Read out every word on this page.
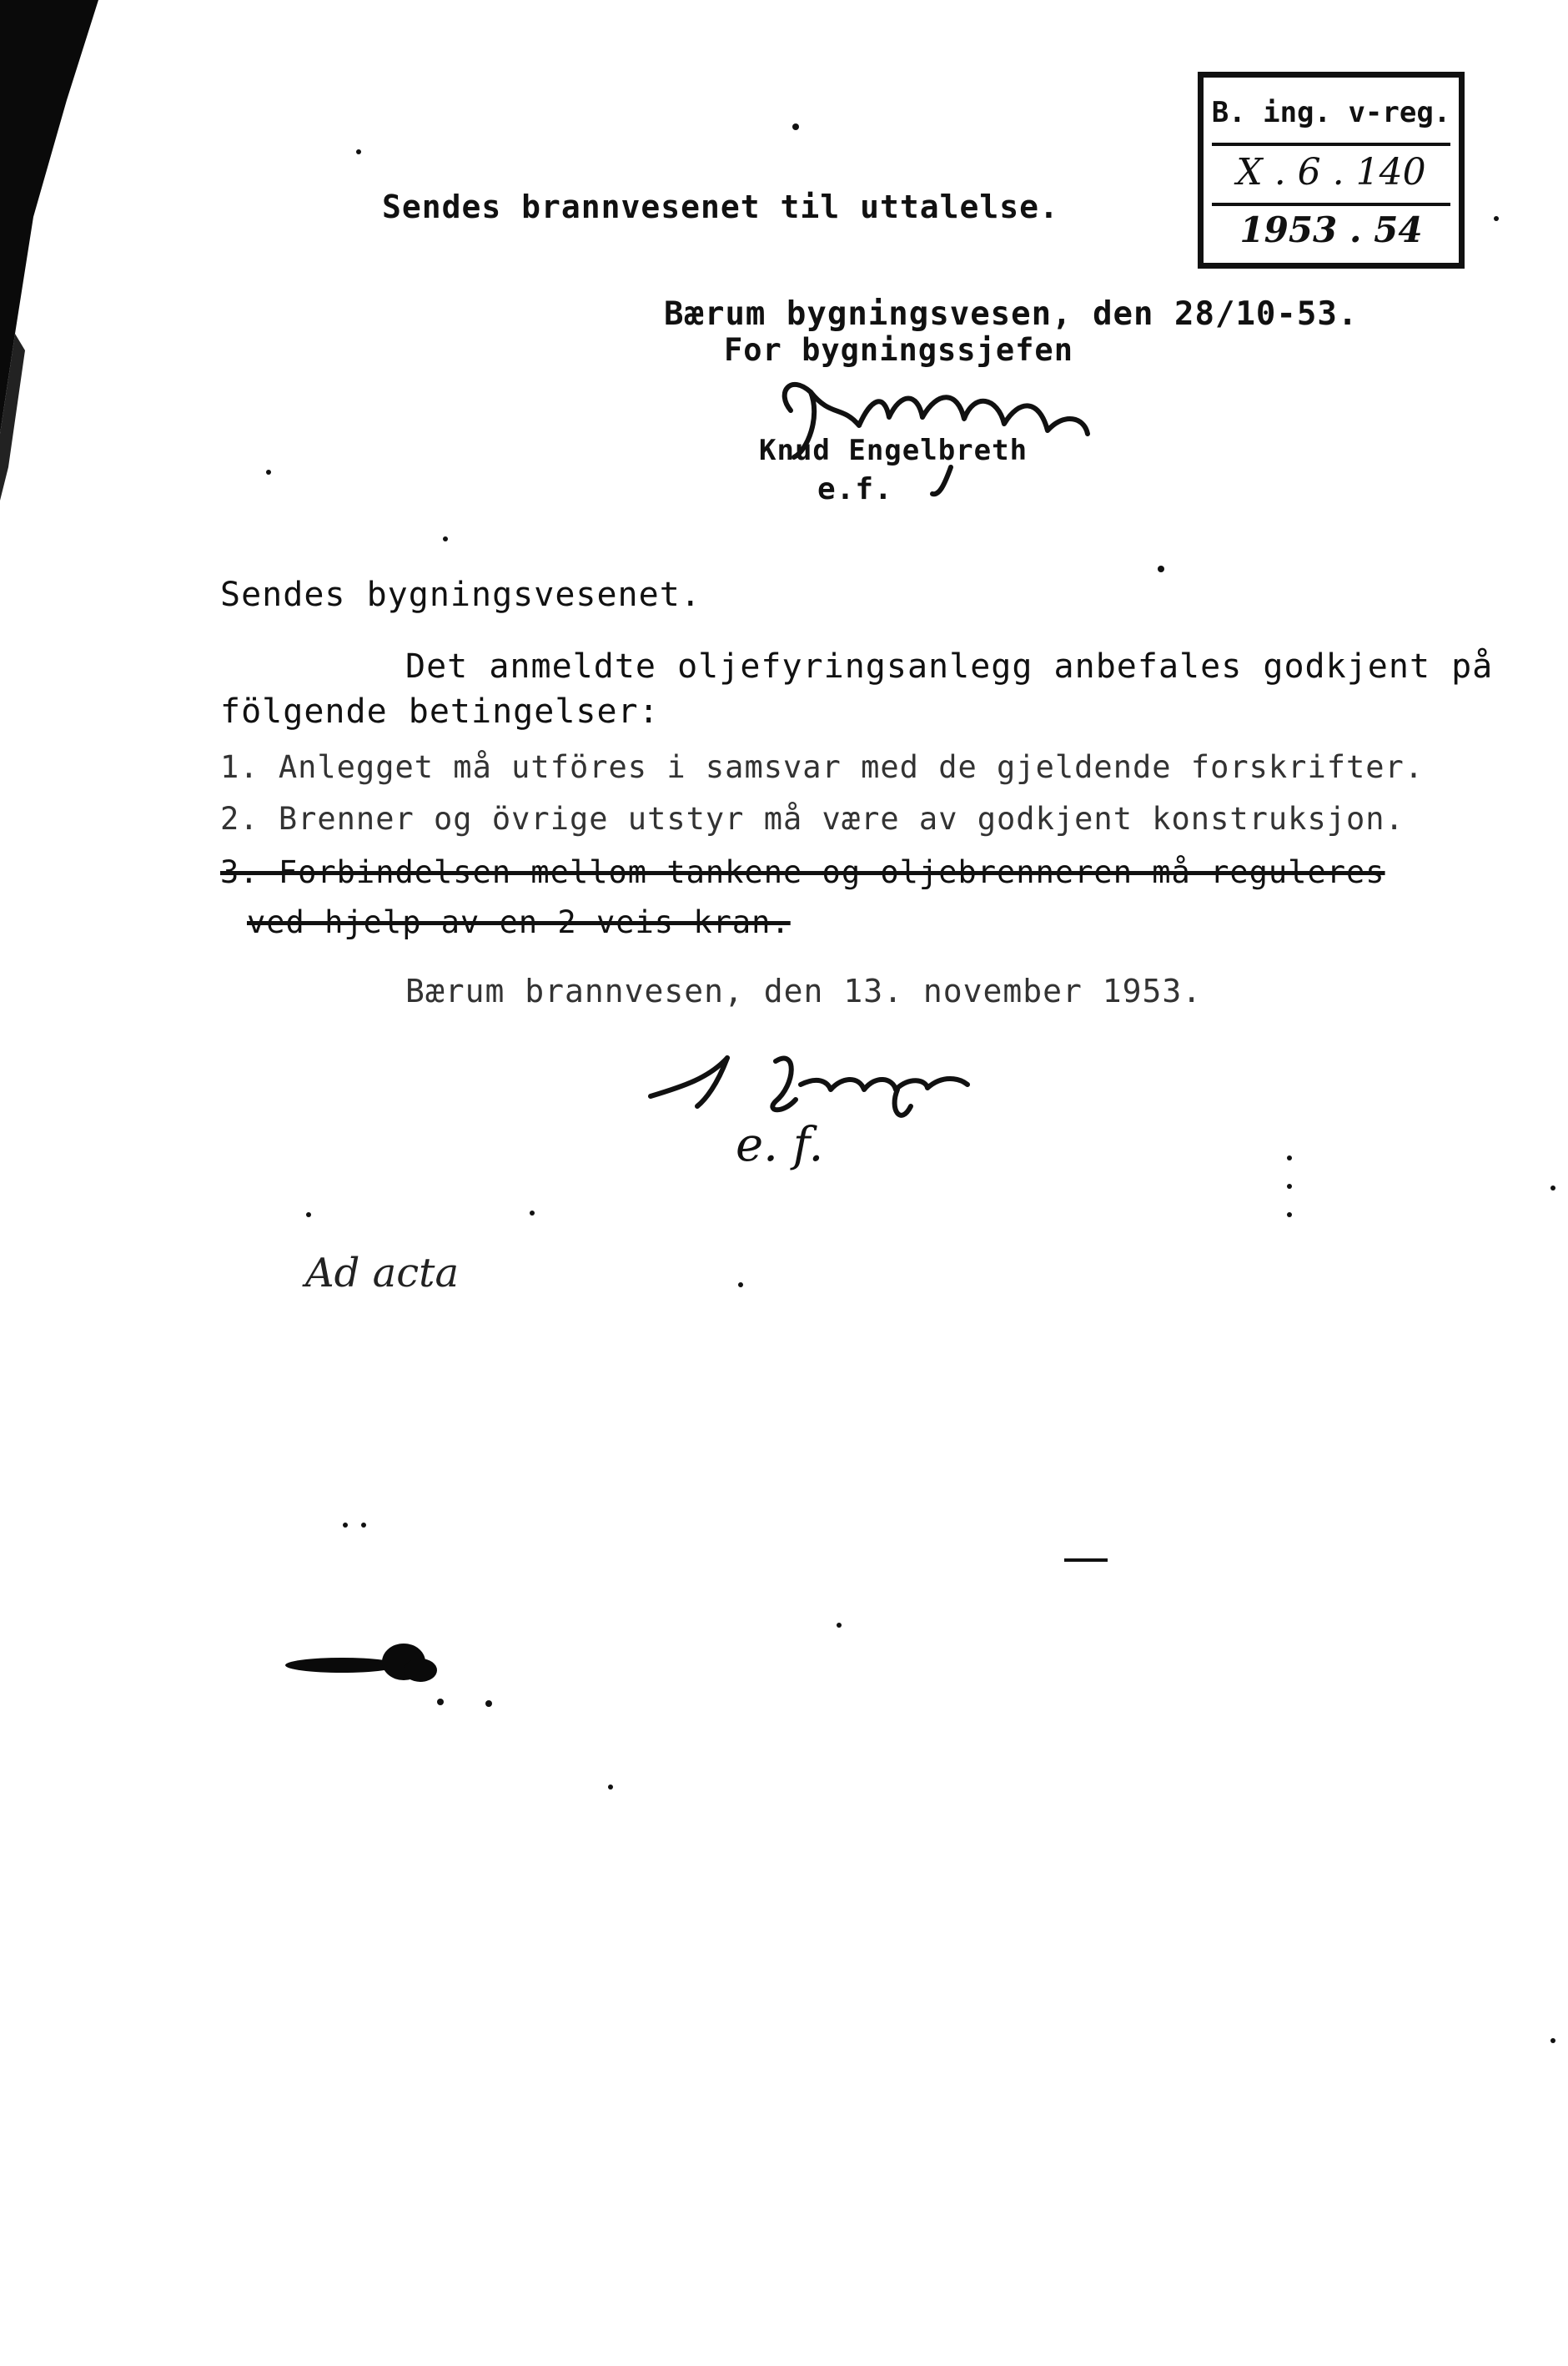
B. ing. v-reg.
X . 6 . 140
1953 . 54
Sendes brannvesenet til uttalelse.
Bærum bygningsvesen, den 28/10-53.
For bygningssjefen
Knud Engelbreth
e.f.
Sendes bygningsvesenet.
Det anmeldte oljefyringsanlegg anbefales godkjent på
fölgende betingelser:
1. Anlegget må utföres i samsvar med de gjeldende forskrifter.
2. Brenner og övrige utstyr må være av godkjent konstruksjon.
3. Forbindelsen mellom tankene og oljebrenneren må reguleres
ved hjelp av en 2-veis kran.
Bærum brannvesen, den 13. november 1953.
e. f.
Ad acta
